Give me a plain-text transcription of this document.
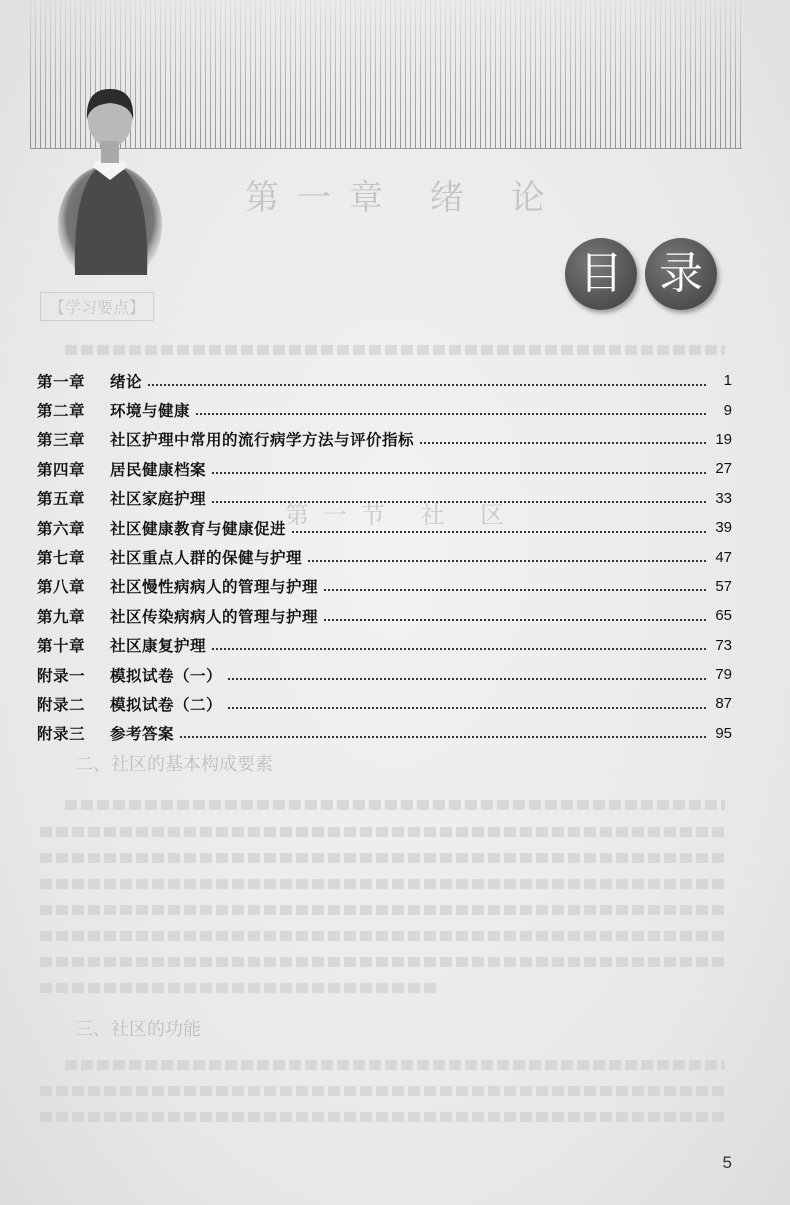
第一章 绪 论
【学习要点】
第一节 社 区
二、社区的基本构成要素
三、社区的功能
目 录
第一章	绪论	1
第二章	环境与健康	9
第三章	社区护理中常用的流行病学方法与评价指标	19
第四章	居民健康档案	27
第五章	社区家庭护理	33
第六章	社区健康教育与健康促进	39
第七章	社区重点人群的保健与护理	47
第八章	社区慢性病病人的管理与护理	57
第九章	社区传染病病人的管理与护理	65
第十章	社区康复护理	73
附录一	模拟试卷（一）	79
附录二	模拟试卷（二）	87
附录三	参考答案	95
5
